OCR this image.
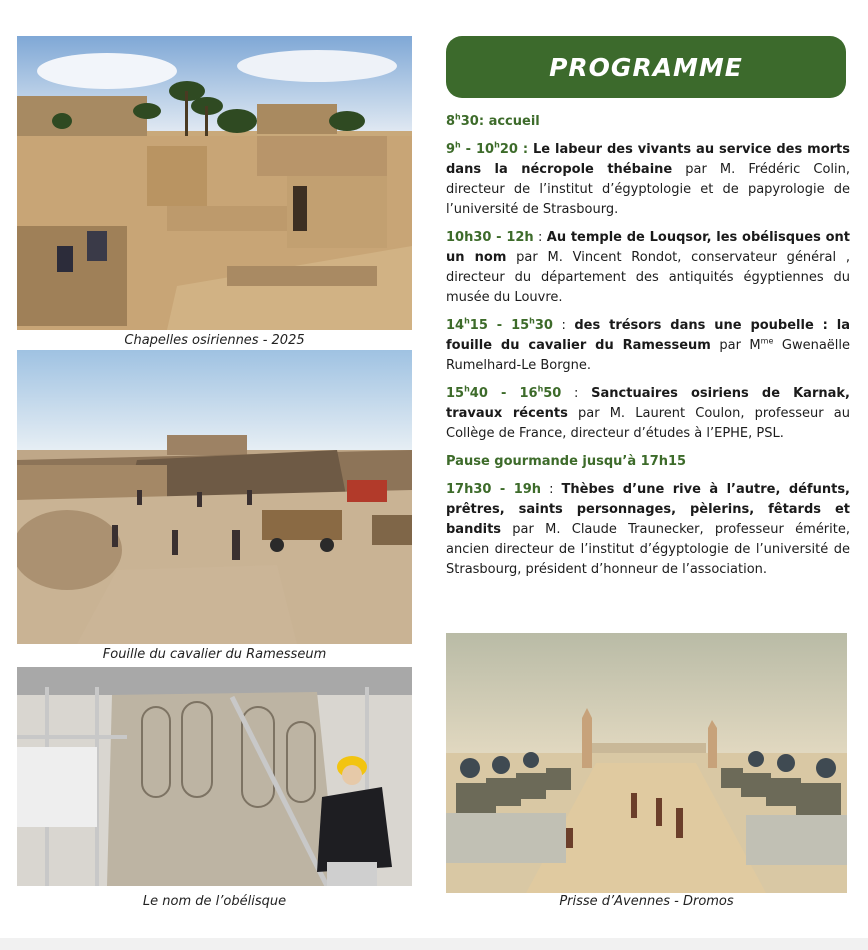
Chapelles osiriennes - 2025
Fouille du cavalier du Ramesseum
Le nom de l’obélisque	Prisse d’Avennes - Dromos
PROGRAMME
8$^h$30: accueil
9$^h$ - 10$^h$20 : Le labeur des vivants au service des morts dans la nécropole thébaine par M. Frédéric Colin, directeur de l’institut d’égyptologie et de papyrologie de l’université de Strasbourg.
10h30 - 12h : Au temple de Louqsor, les obélisques ont un nom par M. Vincent Rondot, conservateur général , directeur du département des antiquités égyptiennes du musée du Louvre.
14$^h$15 - 15$^h$30 : des trésors dans une poubelle : la fouille du cavalier du Ramesseum par $M^{me}$ Gwenaëlle Rumelhard-Le Borgne.
15$^h$40 - 16$^h$50 : Sanctuaires osiriens de Karnak, travaux récents par M. Laurent Coulon, professeur au Collège de France, directeur d’études à l’EPHE, PSL.
Pause gourmande jusqu’à 17h15
17h30 - 19h : Thèbes d’une rive à l’autre, défunts, prêtres, saints personnages, pèlerins, fêtards et bandits par M. Claude Traunecker, professeur émérite, ancien directeur de l’institut d’égyptologie de l’université de Strasbourg, président d’honneur de l’association.
